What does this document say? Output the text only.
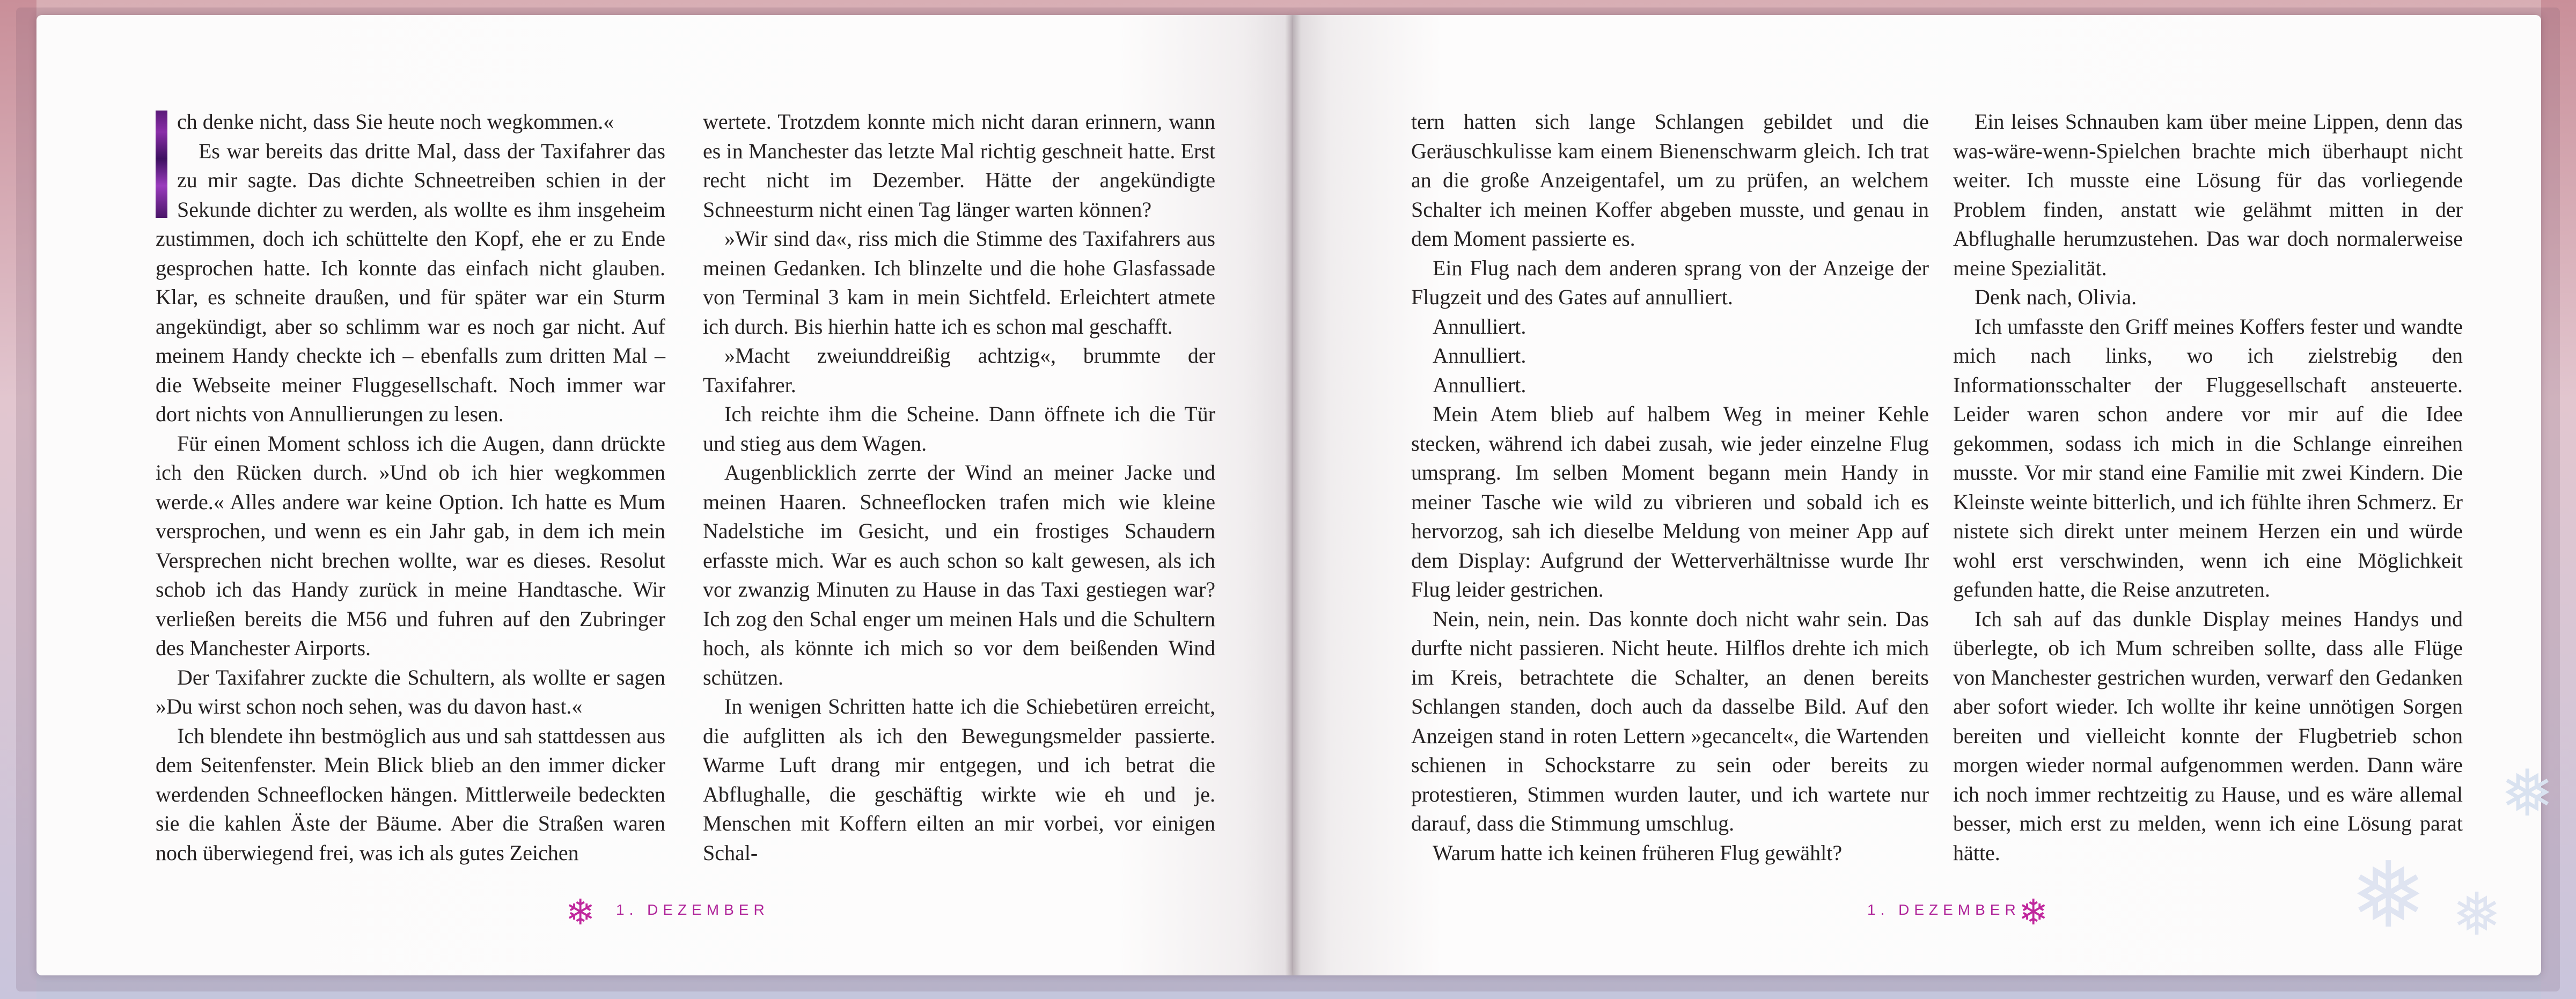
❅
❅ ❅

ch denke nicht, dass Sie heute noch wegkommen.«

Es war bereits das dritte Mal, dass der Taxifahrer das zu mir sagte. Das dichte Schneetreiben schien in der Sekunde dichter zu werden, als wollte es ihm insgeheim zustimmen, doch ich schüttelte den Kopf, ehe er zu Ende gesprochen hatte. Ich konnte das einfach nicht glauben. Klar, es schneite draußen, und für später war ein Sturm angekündigt, aber so schlimm war es noch gar nicht. Auf meinem Handy checkte ich – ebenfalls zum dritten Mal – die Webseite meiner Fluggesellschaft. Noch immer war dort nichts von Annullierungen zu lesen.

Für einen Moment schloss ich die Augen, dann drückte ich den Rücken durch. »Und ob ich hier wegkommen werde.« Alles andere war keine Option. Ich hatte es Mum versprochen, und wenn es ein Jahr gab, in dem ich mein Versprechen nicht brechen wollte, war es dieses. Resolut schob ich das Handy zurück in meine Handtasche. Wir verließen bereits die M56 und fuhren auf den Zubringer des Manchester Airports.

Der Taxifahrer zuckte die Schultern, als wollte er sagen »Du wirst schon noch sehen, was du davon hast.«

Ich blendete ihn bestmöglich aus und sah stattdessen aus dem Seitenfenster. Mein Blick blieb an den immer dicker werdenden Schneeflocken hängen. Mittlerweile bedeckten sie die kahlen Äste der Bäume. Aber die Straßen waren noch überwiegend frei, was ich als gutes Zeichen

wertete. Trotzdem konnte mich nicht daran erinnern, wann es in Manchester das letzte Mal richtig geschneit hatte. Erst recht nicht im Dezember. Hätte der angekündigte Schneesturm nicht einen Tag länger warten können?

»Wir sind da«, riss mich die Stimme des Taxifahrers aus meinen Gedanken. Ich blinzelte und die hohe Glasfassade von Terminal 3 kam in mein Sichtfeld. Erleichtert atmete ich durch. Bis hierhin hatte ich es schon mal geschafft.

»Macht zweiunddreißig achtzig«, brummte der Taxifahrer.

Ich reichte ihm die Scheine. Dann öffnete ich die Tür und stieg aus dem Wagen.

Augenblicklich zerrte der Wind an meiner Jacke und meinen Haaren. Schneeflocken trafen mich wie kleine Nadelstiche im Gesicht, und ein frostiges Schaudern erfasste mich. War es auch schon so kalt gewesen, als ich vor zwanzig Minuten zu Hause in das Taxi gestiegen war? Ich zog den Schal enger um meinen Hals und die Schultern hoch, als könnte ich mich so vor dem beißenden Wind schützen.

In wenigen Schritten hatte ich die Schiebetüren erreicht, die aufglitten als ich den Bewegungsmelder passierte. Warme Luft drang mir entgegen, und ich betrat die Abflughalle, die geschäftig wirkte wie eh und je. Menschen mit Koffern eilten an mir vorbei, vor einigen Schal-

tern hatten sich lange Schlangen gebildet und die Geräuschkulisse kam einem Bienenschwarm gleich. Ich trat an die große Anzeigentafel, um zu prüfen, an welchem Schalter ich meinen Koffer abgeben musste, und genau in dem Moment passierte es.

Ein Flug nach dem anderen sprang von der Anzeige der Flugzeit und des Gates auf annulliert.

Annulliert.

Annulliert.

Annulliert.

Mein Atem blieb auf halbem Weg in meiner Kehle stecken, während ich dabei zusah, wie jeder einzelne Flug umsprang. Im selben Moment begann mein Handy in meiner Tasche wie wild zu vibrieren und sobald ich es hervorzog, sah ich dieselbe Meldung von meiner App auf dem Display: Aufgrund der Wetterverhältnisse wurde Ihr Flug leider gestrichen.

Nein, nein, nein. Das konnte doch nicht wahr sein. Das durfte nicht passieren. Nicht heute. Hilflos drehte ich mich im Kreis, betrachtete die Schalter, an denen bereits Schlangen standen, doch auch da dasselbe Bild. Auf den Anzeigen stand in roten Lettern »gecancelt«, die Wartenden schienen in Schockstarre zu sein oder bereits zu protestieren, Stimmen wurden lauter, und ich wartete nur darauf, dass die Stimmung umschlug.

Warum hatte ich keinen früheren Flug gewählt?

Ein leises Schnauben kam über meine Lippen, denn das was-wäre-wenn-Spielchen brachte mich überhaupt nicht weiter. Ich musste eine Lösung für das vorliegende Problem finden, anstatt wie gelähmt mitten in der Abflughalle herumzustehen. Das war doch normalerweise meine Spezialität.

Denk nach, Olivia.

Ich umfasste den Griff meines Koffers fester und wandte mich nach links, wo ich zielstrebig den Informationsschalter der Fluggesellschaft ansteuerte. Leider waren schon andere vor mir auf die Idee gekommen, sodass ich mich in die Schlange einreihen musste. Vor mir stand eine Familie mit zwei Kindern. Die Kleinste weinte bitterlich, und ich fühlte ihren Schmerz. Er nistete sich direkt unter meinem Herzen ein und würde wohl erst verschwinden, wenn ich eine Möglichkeit gefunden hatte, die Reise anzutreten.

Ich sah auf das dunkle Display meines Handys und überlegte, ob ich Mum schreiben sollte, dass alle Flüge von Manchester gestrichen wurden, verwarf den Gedanken aber sofort wieder. Ich wollte ihr keine unnötigen Sorgen bereiten und vielleicht konnte der Flugbetrieb schon morgen wieder normal aufgenommen werden. Dann wäre ich noch immer rechtzeitig zu Hause, und es wäre allemal besser, mich erst zu melden, wenn ich eine Lösung parat hätte.

❄ 1. DEZEMBER	1. DEZEMBER
❄
